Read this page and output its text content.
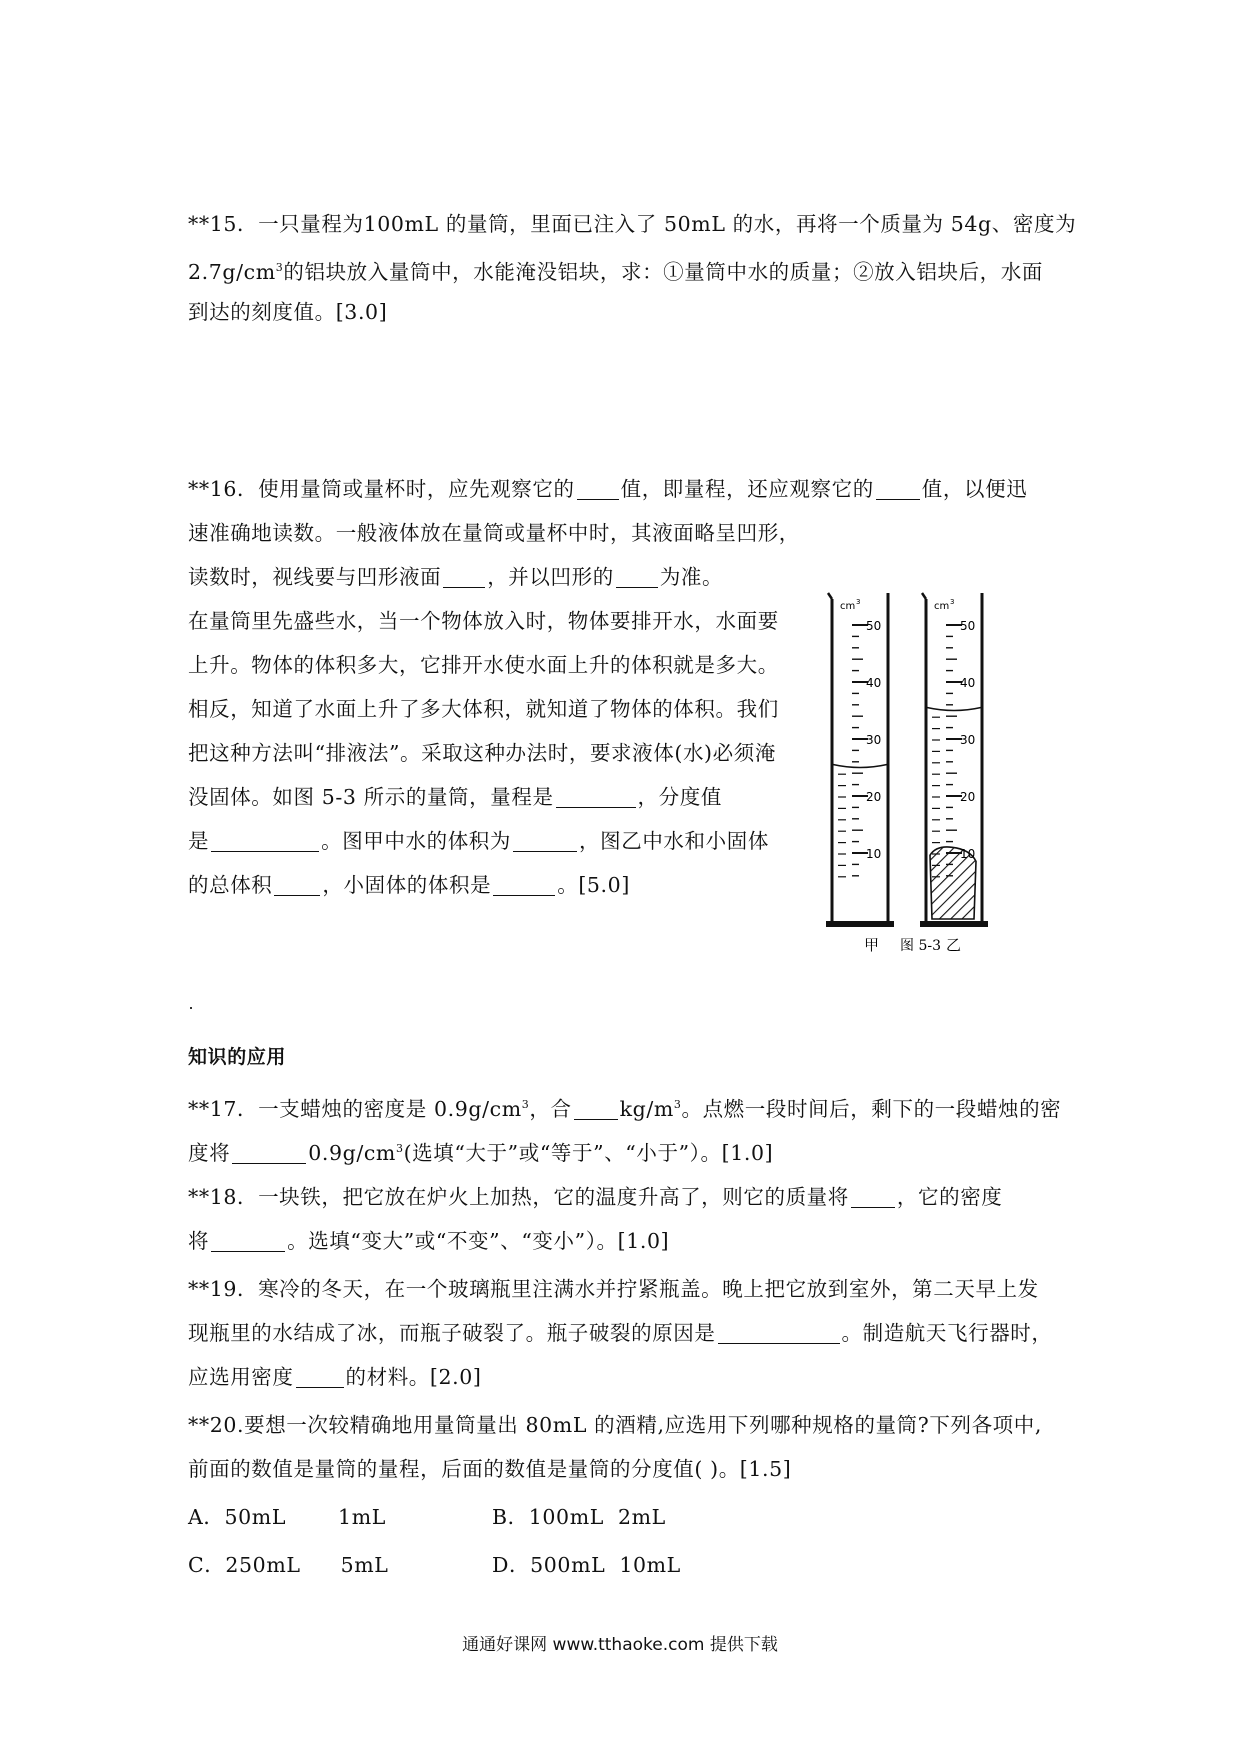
**15．一只量程为100mL 的量筒，里面已注入了 50mL 的水，再将一个质量为 54g、密度为
$2.7g/cm^3$的铝块放入量筒中，水能淹没铝块，求：①量筒中水的质量；②放入铝块后，水面
到达的刻度值。[3.0]
**16．使用量筒或量杯时，应先观察它的 值，即量程，还应观察它的 值，以便迅
速准确地读数。一般液体放在量筒或量杯中时，其液面略呈凹形，
读数时，视线要与凹形液面 ，并以凹形的 为准。
在量筒里先盛些水，当一个物体放入时，物体要排开水，水面要
上升。物体的体积多大，它排开水使水面上升的体积就是多大。
相反，知道了水面上升了多大体积，就知道了物体的体积。我们
把这种方法叫“排液法”。采取这种办法时，要求液体(水)必须淹
没固体。如图 5-3 所示的量筒，量程是	，分度值
是	。图甲中水的体积为	，图乙中水和小固体
的总体积 ，小固体的体积是	。[5.0]
cm 3
50
40
30
20
10
cm 3
50
40
30
20
10
甲 图 5-3 乙
知识的应用
**17．一支蜡烛的密度是 $0.9g/cm^3$，合 $kg/m^3$。点燃一段时间后，剩下的一段蜡烛的密
度将	$0.9g/cm^3$(选填“大于”或“等于”、“小于”）。[1.0]
**18．一块铁，把它放在炉火上加热，它的温度升高了，则它的质量将 ，它的密度
将	。选填“变大”或“不变”、“变小”）。[1.0]
**19．寒冷的冬天，在一个玻璃瓶里注满水并拧紧瓶盖。晚上把它放到室外，第二天早上发
现瓶里的水结成了冰，而瓶子破裂了。瓶子破裂的原因是	。制造航天飞行器时，
应选用密度	的材料。[2.0]
**20.要想一次较精确地用量筒量出 80mL 的酒精,应选用下列哪种规格的量筒?下列各项中,
前面的数值是量筒的量程，后面的数值是量筒的分度值( )。[1.5]
A．50mL	1mL	B．100mL 2mL
C．250mL 5mL	D．500mL 10mL
通通好课网 www.tthaoke.com 提供下载
